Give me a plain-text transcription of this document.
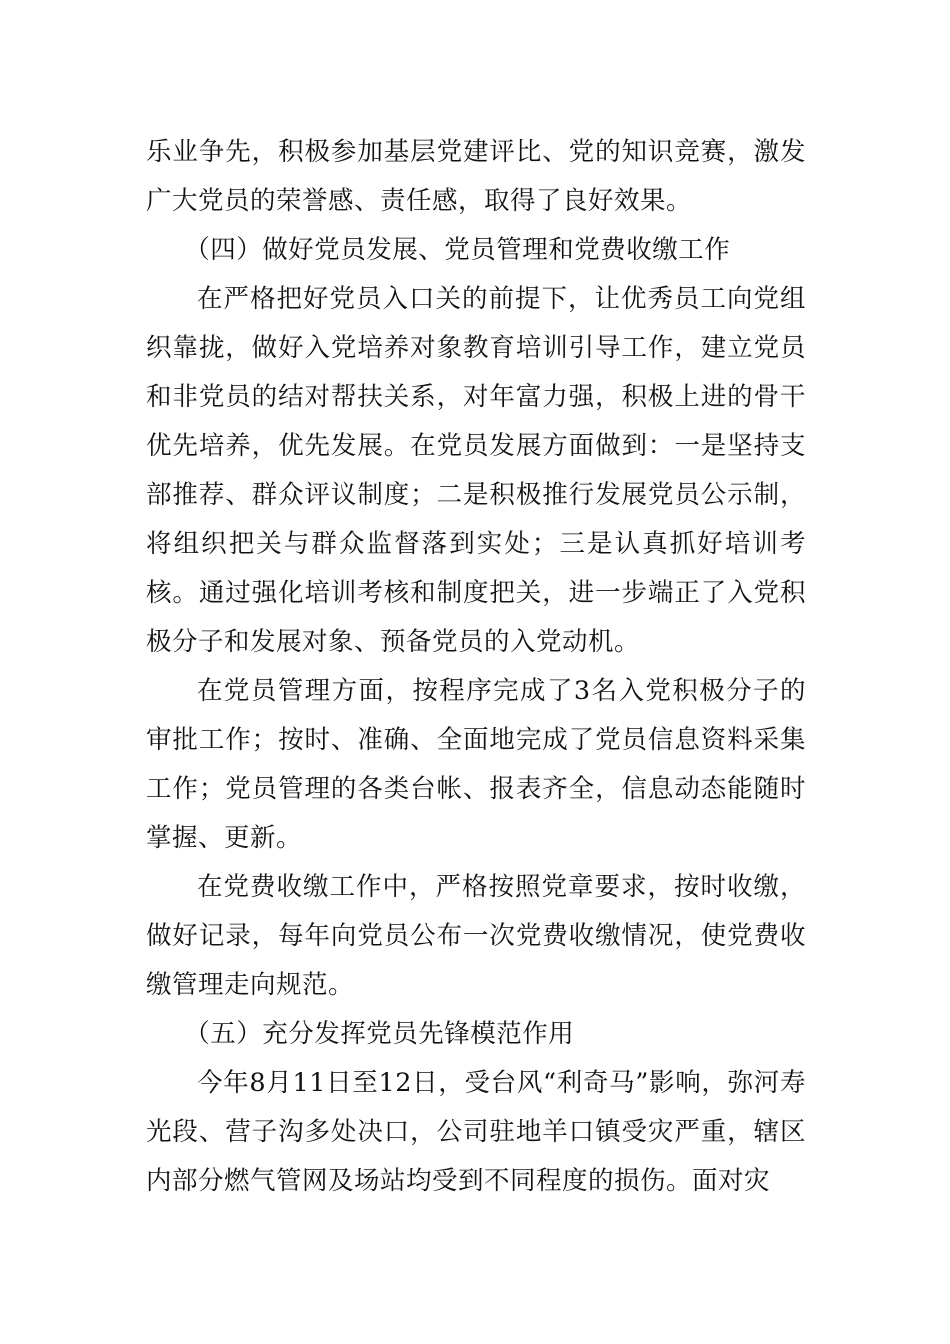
乐业争先，积极参加基层党建评比、党的知识竞赛，激发广大党员的荣誉感、责任感，取得了良好效果。

（四）做好党员发展、党员管理和党费收缴工作

在严格把好党员入口关的前提下，让优秀员工向党组织靠拢，做好入党培养对象教育培训引导工作，建立党员和非党员的结对帮扶关系，对年富力强，积极上进的骨干优先培养，优先发展。在党员发展方面做到：一是坚持支部推荐、群众评议制度；二是积极推行发展党员公示制，将组织把关与群众监督落到实处；三是认真抓好培训考核。通过强化培训考核和制度把关，进一步端正了入党积极分子和发展对象、预备党员的入党动机。

在党员管理方面，按程序完成了3名入党积极分子的审批工作；按时、准确、全面地完成了党员信息资料采集工作；党员管理的各类台帐、报表齐全，信息动态能随时掌握、更新。

在党费收缴工作中，严格按照党章要求，按时收缴，做好记录，每年向党员公布一次党费收缴情况，使党费收缴管理走向规范。

（五）充分发挥党员先锋模范作用

今年8月11日至12日，受台风“利奇马”影响，弥河寿光段、营子沟多处决口，公司驻地羊口镇受灾严重，辖区内部分燃气管网及场站均受到不同程度的损伤。面对灾
